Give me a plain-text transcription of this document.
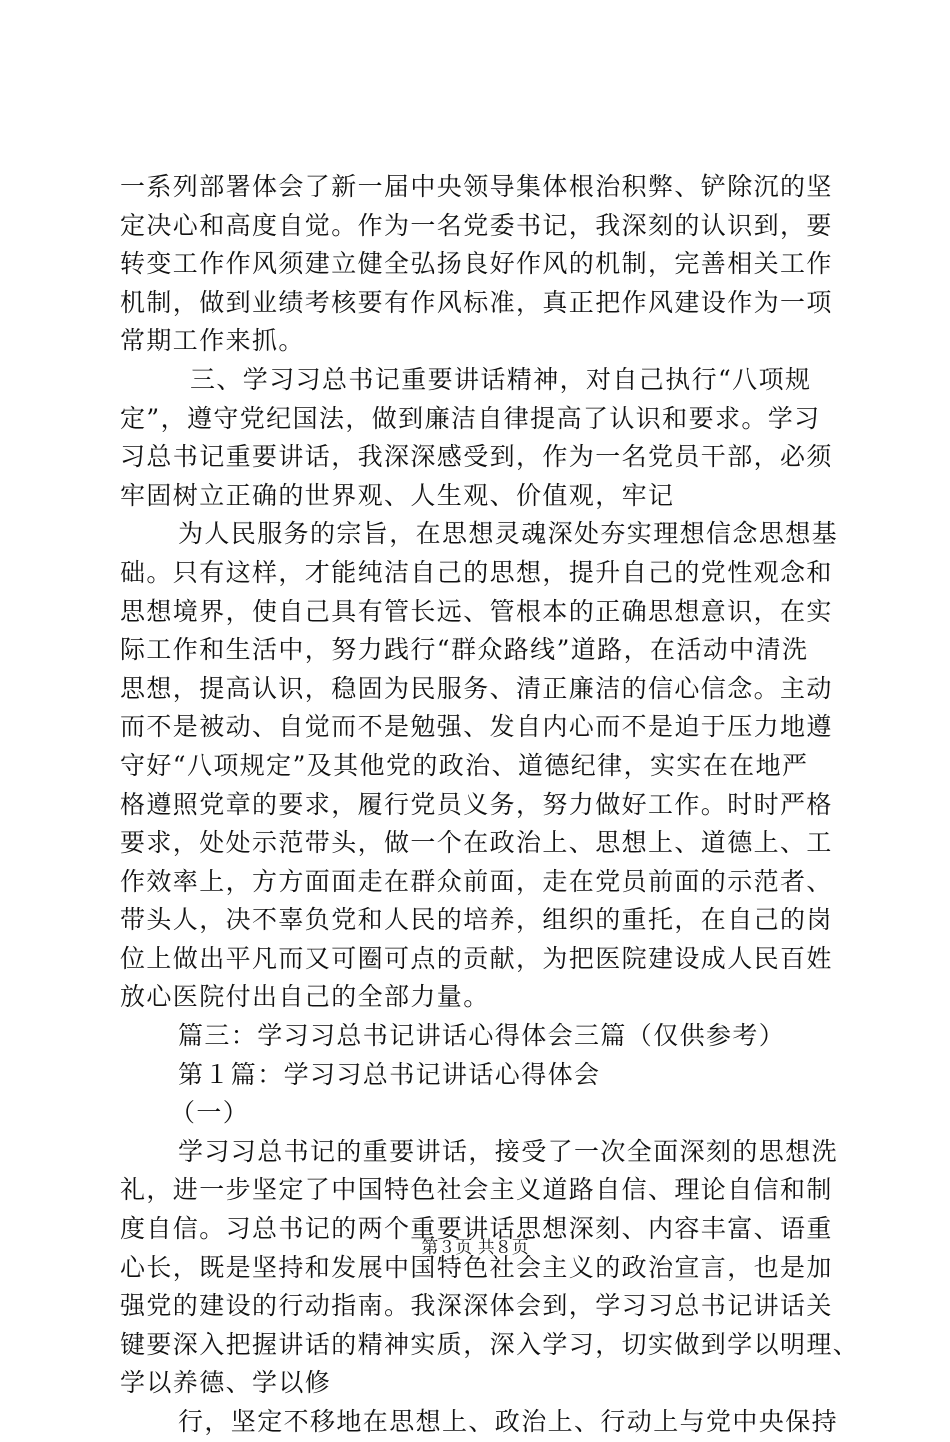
一系列部署体会了新一届中央领导集体根治积弊、铲除沉的坚
定决心和高度自觉。作为一名党委书记，我深刻的认识到，要
转变工作作风须建立健全弘扬良好作风的机制，完善相关工作
机制，做到业绩考核要有作风标准，真正把作风建设作为一项
常期工作来抓。
三、学习习总书记重要讲话精神，对自己执行“八项规
定”，遵守党纪国法，做到廉洁自律提高了认识和要求。学习
习总书记重要讲话，我深深感受到，作为一名党员干部，必须
牢固树立正确的世界观、人生观、价值观，牢记
为人民服务的宗旨，在思想灵魂深处夯实理想信念思想基
础。只有这样，才能纯洁自己的思想，提升自己的党性观念和
思想境界，使自己具有管长远、管根本的正确思想意识，在实
际工作和生活中，努力践行“群众路线”道路，在活动中清洗
思想，提高认识，稳固为民服务、清正廉洁的信心信念。主动
而不是被动、自觉而不是勉强、发自内心而不是迫于压力地遵
守好“八项规定”及其他党的政治、道德纪律，实实在在地严
格遵照党章的要求，履行党员义务，努力做好工作。时时严格
要求，处处示范带头，做一个在政治上、思想上、道德上、工
作效率上，方方面面走在群众前面，走在党员前面的示范者、
带头人，决不辜负党和人民的培养，组织的重托，在自己的岗
位上做出平凡而又可圈可点的贡献，为把医院建设成人民百姓
放心医院付出自己的全部力量。
篇三：学习习总书记讲话心得体会三篇（仅供参考）
第１篇：学习习总书记讲话心得体会
（一）
学习习总书记的重要讲话，接受了一次全面深刻的思想洗
礼，进一步坚定了中国特色社会主义道路自信、理论自信和制
度自信。习总书记的两个重要讲话思想深刻、内容丰富、语重
心长，既是坚持和发展中国特色社会主义的政治宣言，也是加
强党的建设的行动指南。我深深体会到，学习习总书记讲话关
键要深入把握讲话的精神实质，深入学习，切实做到学以明理、
学以养德、学以修
行，坚定不移地在思想上、政治上、行动上与党中央保持
第３页 共８页
